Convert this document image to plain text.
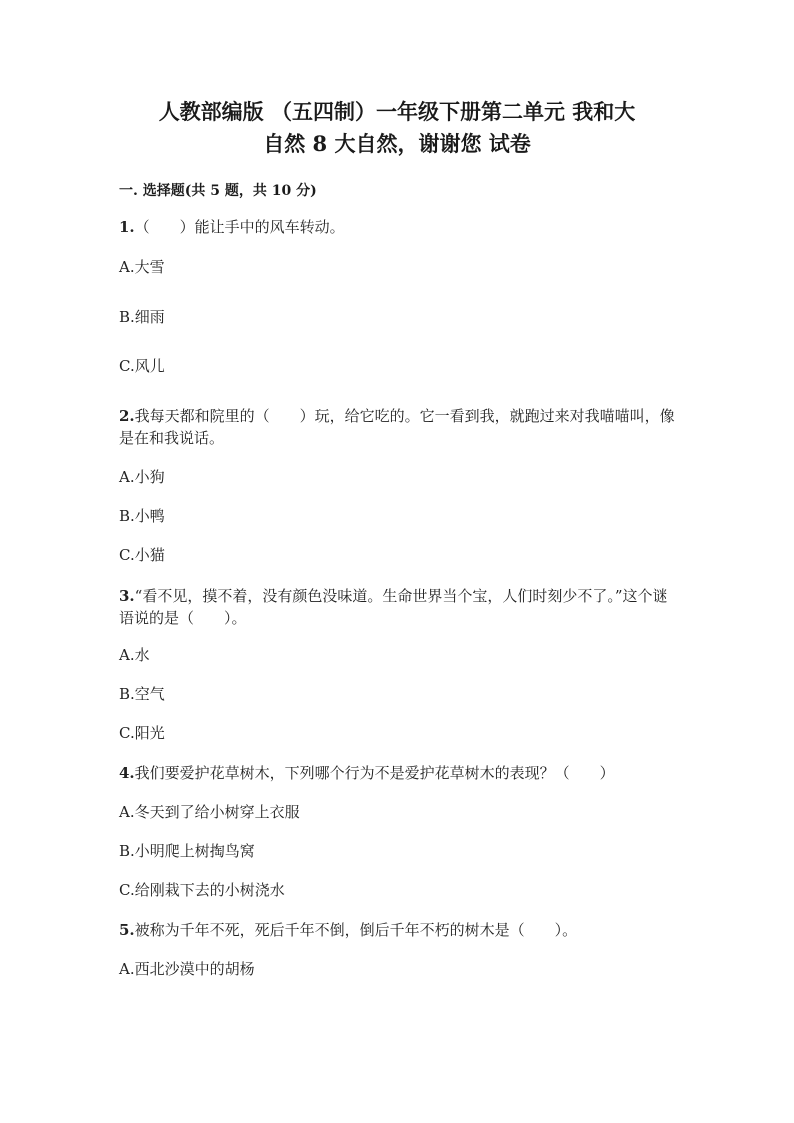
人教部编版 （五四制）一年级下册第二单元 我和大
自然 8 大自然，谢谢您 试卷
一. 选择题(共 5 题，共 10 分)
1.（　　）能让手中的风车转动。
A.大雪
B.细雨
C.风儿
2.我每天都和院里的（　　）玩，给它吃的。它一看到我，就跑过来对我喵喵叫，像是在和我说话。
A.小狗
B.小鸭
C.小猫
3.“看不见，摸不着，没有颜色没味道。生命世界当个宝，人们时刻少不了。”这个谜语说的是（　　）。
A.水
B.空气
C.阳光
4.我们要爱护花草树木，下列哪个行为不是爱护花草树木的表现？（　　）
A.冬天到了给小树穿上衣服
B.小明爬上树掏鸟窝
C.给刚栽下去的小树浇水
5.被称为千年不死，死后千年不倒，倒后千年不朽的树木是（　　）。
A.西北沙漠中的胡杨
